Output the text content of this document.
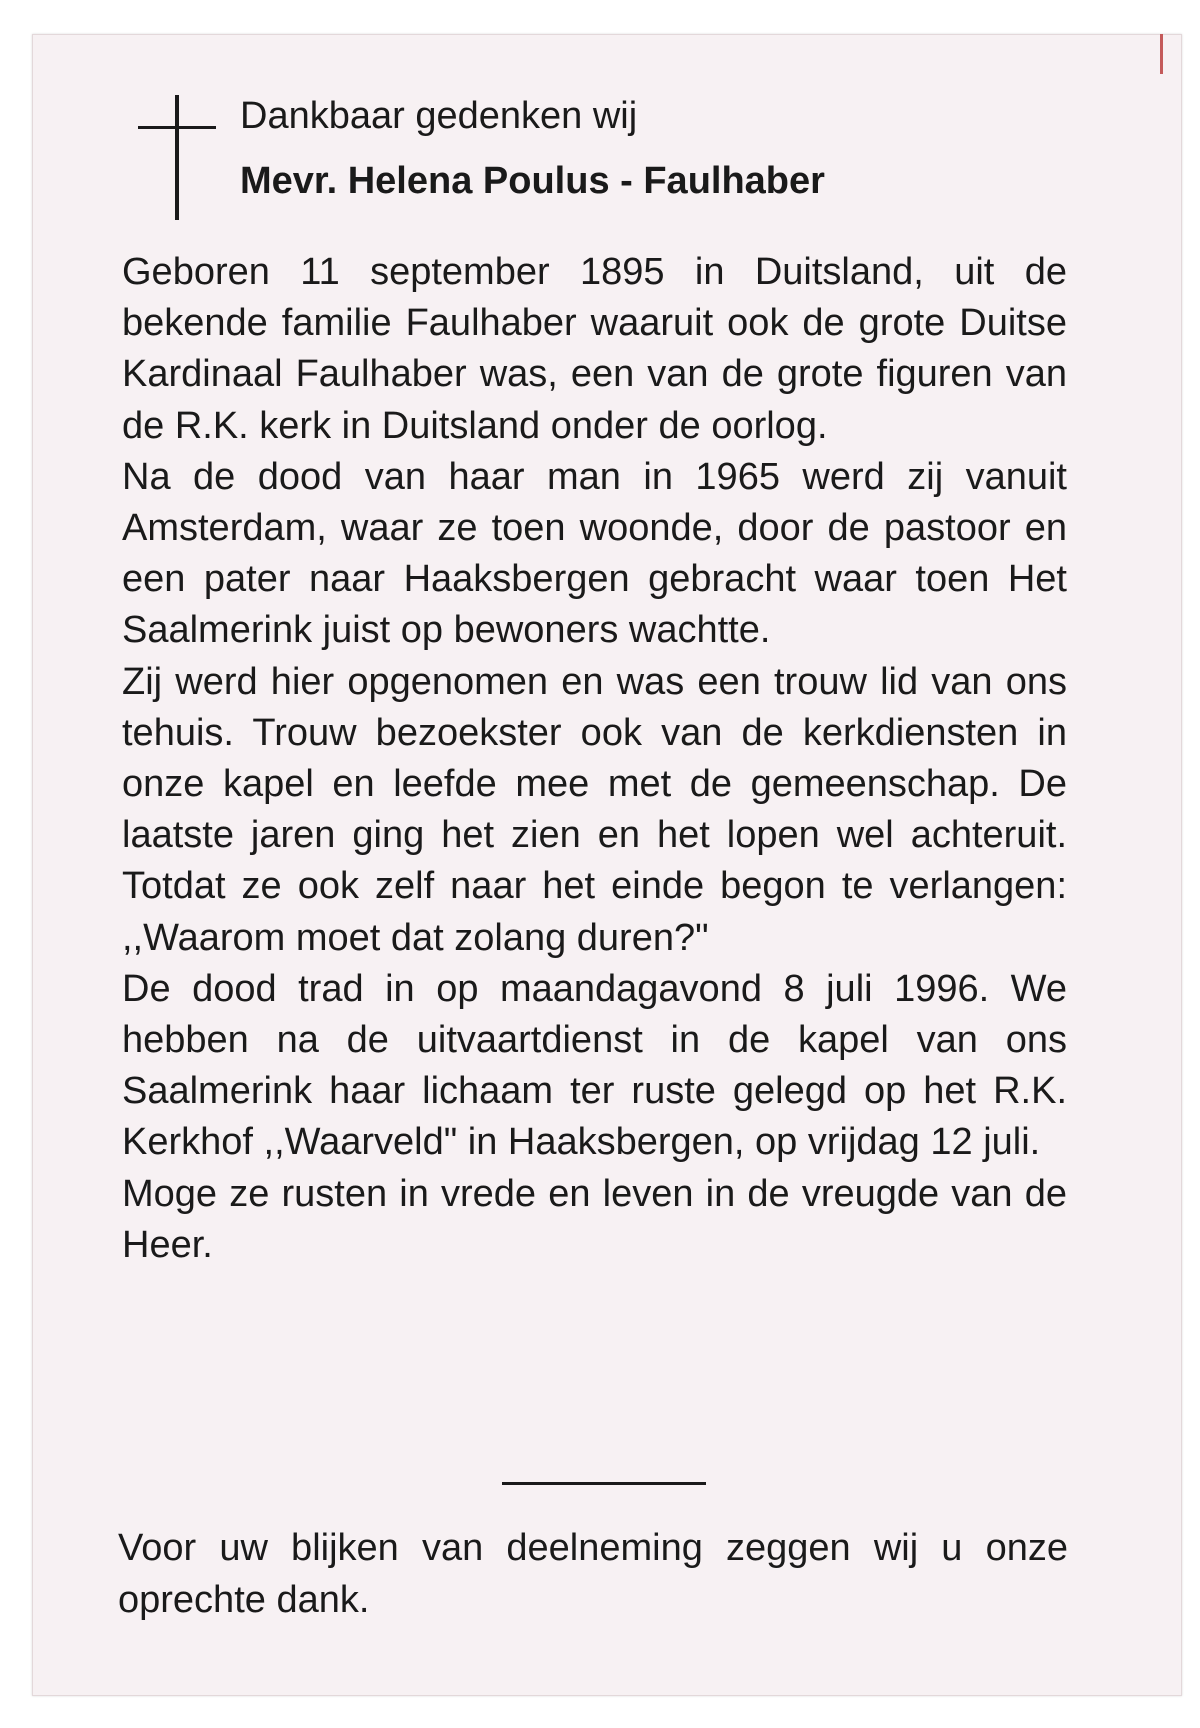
Dankbaar gedenken wij
Mevr. Helena Poulus - Faulhaber

Geboren 11 september 1895 in Duitsland, uit de bekende familie Faulhaber waaruit ook de grote Duitse Kardinaal Faulhaber was, een van de grote figuren van de R.K. kerk in Duitsland onder de oorlog.

Na de dood van haar man in 1965 werd zij vanuit Amsterdam, waar ze toen woonde, door de pastoor en een pater naar Haaksbergen gebracht waar toen Het Saalmerink juist op bewoners wachtte.

Zij werd hier opgenomen en was een trouw lid van ons tehuis. Trouw bezoekster ook van de kerkdiensten in onze kapel en leefde mee met de gemeenschap. De laatste jaren ging het zien en het lopen wel achteruit. Totdat ze ook zelf naar het einde begon te verlangen: ,,Waarom moet dat zolang duren?"

De dood trad in op maandagavond 8 juli 1996. We hebben na de uitvaartdienst in de kapel van ons Saalmerink haar lichaam ter ruste gelegd op het R.K. Kerkhof ,,Waarveld" in Haaksbergen, op vrijdag 12 juli.

Moge ze rusten in vrede en leven in de vreugde van de Heer.

Voor uw blijken van deelneming zeggen wij u onze oprechte dank.
